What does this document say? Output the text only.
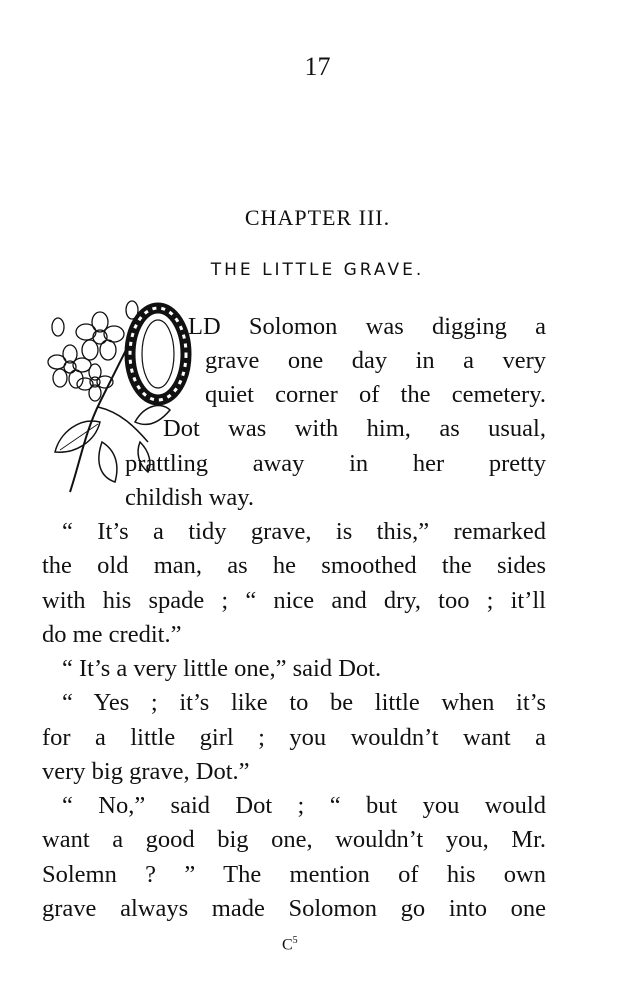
17
CHAPTER III.
THE LITTLE GRAVE.
LD Solomon was digging a
grave one day in a very
quiet corner of the cemetery.
Dot was with him, as usual,
prattling away in her pretty
childish way.
“ It’s a tidy grave, is this,” remarked
the old man, as he smoothed the sides
with his spade ; “ nice and dry, too ; it’ll
do me credit.”
“ It’s a very little one,” said Dot.
“ Yes ; it’s like to be little when it’s
for a little girl ; you wouldn’t want a
very big grave, Dot.”
“ No,” said Dot ; “ but you would
want a good big one, wouldn’t you, Mr.
Solemn ? ” The mention of his own
grave always made Solomon go into one
$C^5$
